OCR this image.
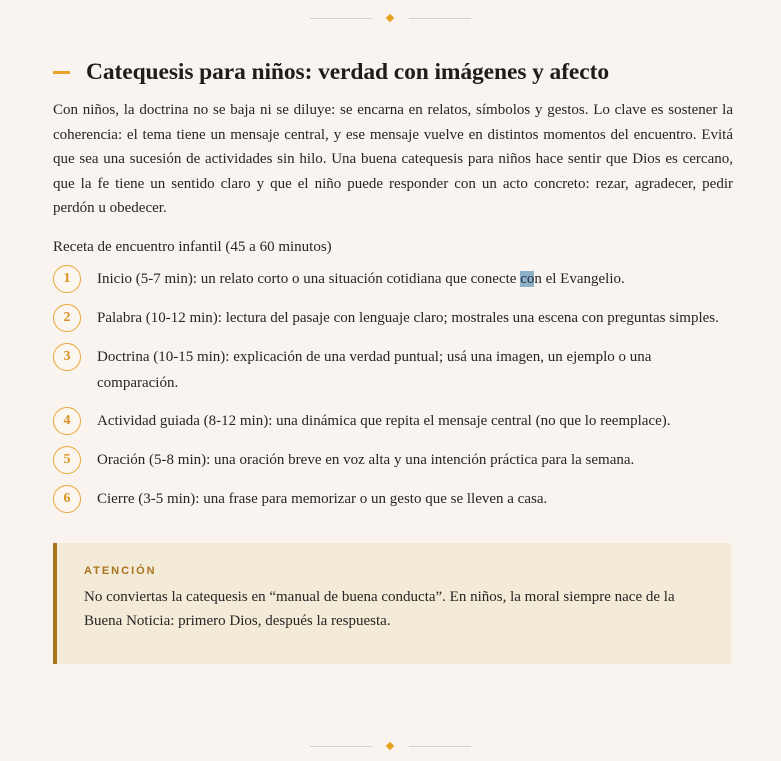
Catequesis para niños: verdad con imágenes y afecto

Con niños, la doctrina no se baja ni se diluye: se encarna en relatos, símbolos y gestos. Lo clave es sostener la coherencia: el tema tiene un mensaje central, y ese mensaje vuelve en distintos momentos del encuentro. Evitá que sea una sucesión de actividades sin hilo. Una buena catequesis para niños hace sentir que Dios es cercano, que la fe tiene un sentido claro y que el niño puede responder con un acto concreto: rezar, agradecer, pedir perdón u obedecer.

Receta de encuentro infantil (45 a 60 minutos)

1	Inicio (5-7 min): un relato corto o una situación cotidiana que conecte con el Evangelio.
2	Palabra (10-12 min): lectura del pasaje con lenguaje claro; mostrales una escena con preguntas simples.
3	Doctrina (10-15 min): explicación de una verdad puntual; usá una imagen, un ejemplo o una comparación.
4	Actividad guiada (8-12 min): una dinámica que repita el mensaje central (no que lo reemplace).
5	Oración (5-8 min): una oración breve en voz alta y una intención práctica para la semana.
6	Cierre (3-5 min): una frase para memorizar o un gesto que se lleven a casa.

ATENCIÓN

No conviertas la catequesis en “manual de buena conducta”. En niños, la moral siempre nace de la Buena Noticia: primero Dios, después la respuesta.
